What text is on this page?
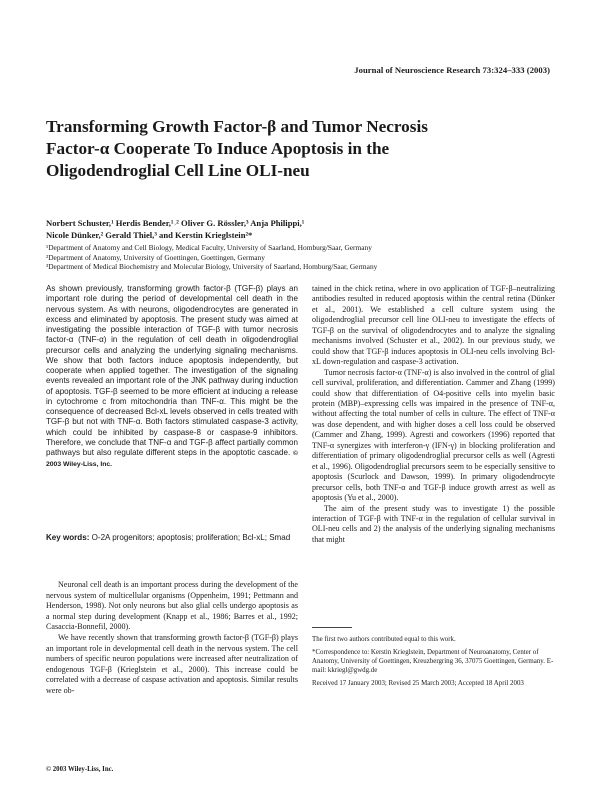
Journal of Neuroscience Research 73:324–333 (2003)
Transforming Growth Factor-β and Tumor Necrosis Factor-α Cooperate To Induce Apoptosis in the Oligodendroglial Cell Line OLI-neu
Norbert Schuster,¹ Herdis Bender,¹˒² Oliver G. Rössler,³ Anja Philippi,¹
Nicole Dünker,² Gerald Thiel,³ and Kerstin Krieglstein²*
¹Department of Anatomy and Cell Biology, Medical Faculty, University of Saarland, Homburg/Saar, Germany
²Department of Anatomy, University of Goettingen, Goettingen, Germany
³Department of Medical Biochemistry and Molecular Biology, University of Saarland, Homburg/Saar, Germany
As shown previously, transforming growth factor-β (TGF-β) plays an important role during the period of developmental cell death in the nervous system. As with neurons, oligodendrocytes are generated in excess and eliminated by apoptosis. The present study was aimed at investigating the possible interaction of TGF-β with tumor necrosis factor-α (TNF-α) in the regulation of cell death in oligodendroglial precursor cells and analyzing the underlying signaling mechanisms. We show that both factors induce apoptosis independently, but cooperate when applied together. The investigation of the signaling events revealed an important role of the JNK pathway during induction of apoptosis. TGF-β seemed to be more efficient at inducing a release in cytochrome c from mitochondria than TNF-α. This might be the consequence of decreased Bcl-xL levels observed in cells treated with TGF-β but not with TNF-α. Both factors stimulated caspase-3 activity, which could be inhibited by caspase-8 or caspase-9 inhibitors. Therefore, we conclude that TNF-α and TGF-β affect partially common pathways but also regulate different steps in the apoptotic cascade. © 2003 Wiley-Liss, Inc.
Key words: O-2A progenitors; apoptosis; proliferation; Bcl-xL; Smad

Neuronal cell death is an important process during the development of the nervous system of multicellular organisms (Oppenheim, 1991; Pettmann and Henderson, 1998). Not only neurons but also glial cells undergo apoptosis as a normal step during development (Knapp et al., 1986; Barres et al., 1992; Casaccia-Bonnefil, 2000).

We have recently shown that transforming growth factor-β (TGF-β) plays an important role in developmental cell death in the nervous system. The cell numbers of specific neuron populations were increased after neutralization of endogenous TGF-β (Krieglstein et al., 2000). This increase could be correlated with a decrease of caspase activation and apoptosis. Similar results were ob-

tained in the chick retina, where in ovo application of TGF-β–neutralizing antibodies resulted in reduced apoptosis within the central retina (Dünker et al., 2001). We established a cell culture system using the oligodendroglial precursor cell line OLI-neu to investigate the effects of TGF-β on the survival of oligodendrocytes and to analyze the signaling mechanisms involved (Schuster et al., 2002). In our previous study, we could show that TGF-β induces apoptosis in OLI-neu cells involving Bcl-xL down-regulation and caspase-3 activation.

Tumor necrosis factor-α (TNF-α) is also involved in the control of glial cell survival, proliferation, and differentiation. Cammer and Zhang (1999) could show that differentiation of O4-positive cells into myelin basic protein (MBP)–expressing cells was impaired in the presence of TNF-α, without affecting the total number of cells in culture. The effect of TNF-α was dose dependent, and with higher doses a cell loss could be observed (Cammer and Zhang, 1999). Agresti and coworkers (1996) reported that TNF-α synergizes with interferon-γ (IFN-γ) in blocking proliferation and differentiation of primary oligodendroglial precursor cells as well (Agresti et al., 1996). Oligodendroglial precursors seem to be especially sensitive to apoptosis (Scurlock and Dawson, 1999). In primary oligodendrocyte precursor cells, both TNF-α and TGF-β induce growth arrest as well as apoptosis (Yu et al., 2000).

The aim of the present study was to investigate 1) the possible interaction of TGF-β with TNF-α in the regulation of cellular survival in OLI-neu cells and 2) the analysis of the underlying signaling mechanisms that might

The first two authors contributed equal to this work.

*Correspondence to: Kerstin Krieglstein, Department of Neuroanatomy, Center of Anatomy, University of Goettingen, Kreuzbergring 36, 37075 Goettingen, Germany. E-mail: kkriegl@gwdg.de

Received 17 January 2003; Revised 25 March 2003; Accepted 18 April 2003

© 2003 Wiley-Liss, Inc.
